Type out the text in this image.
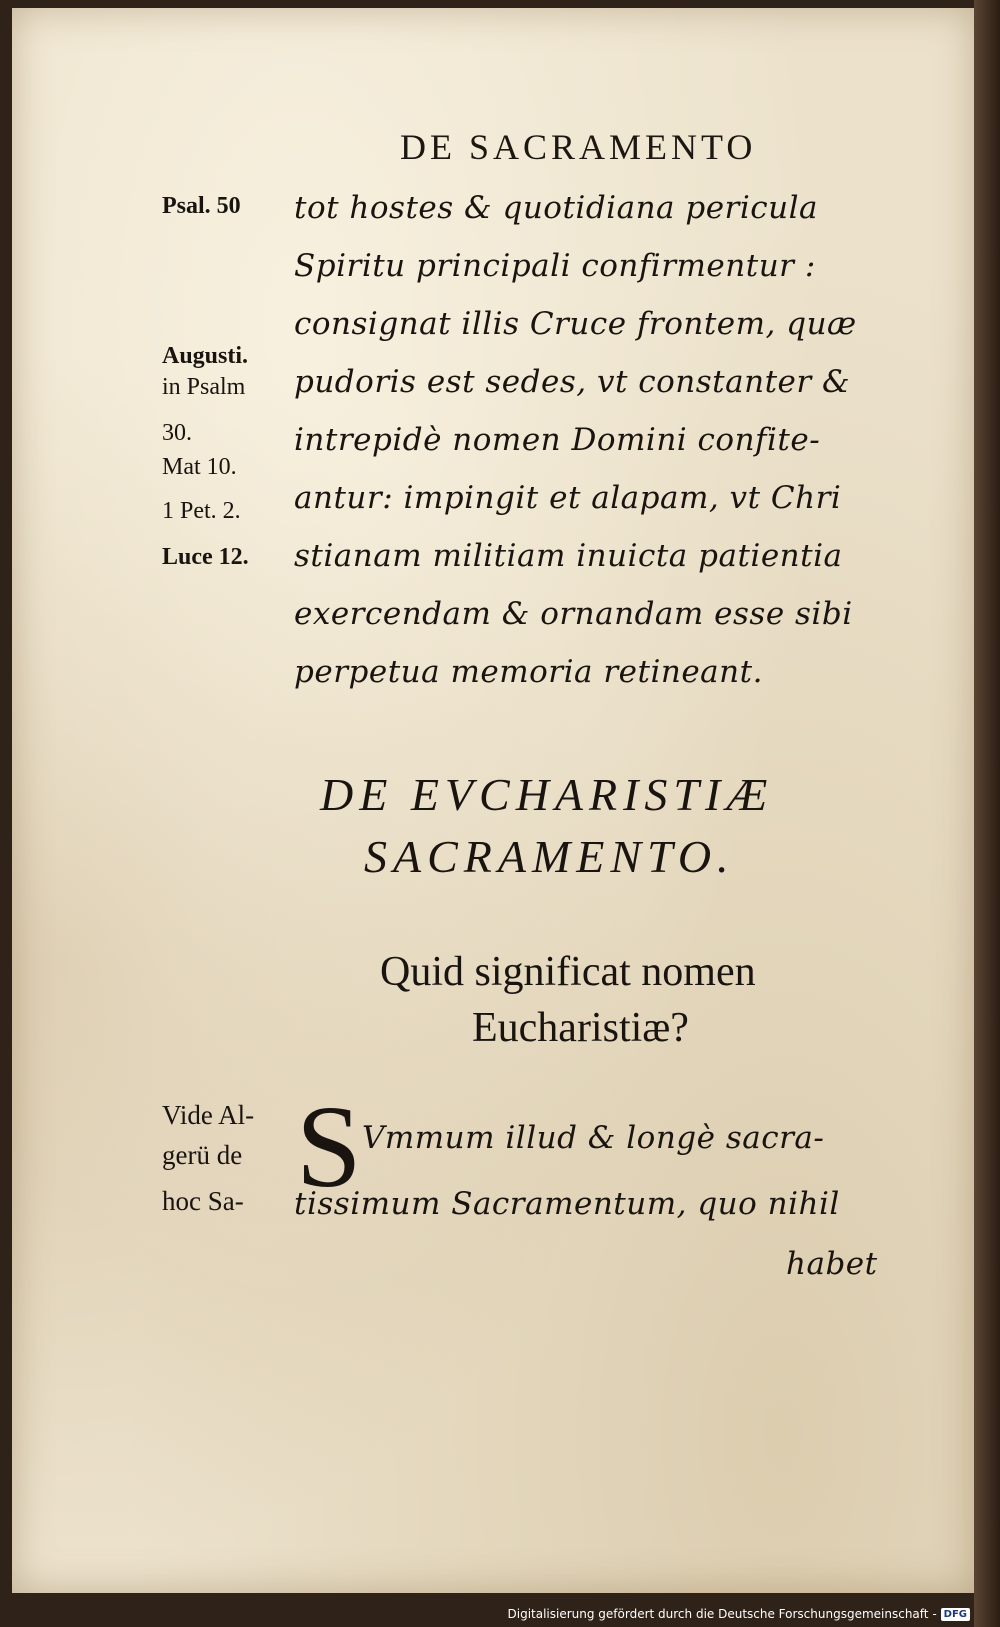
DE SACRAMENTO
Psal. 50
Augusti.
in Psalm
30.
Mat 10.
1 Pet. 2.
Luce 12.
tot hostes & quotidiana pericula
Spiritu principali confirmentur :
consignat illis Cruce frontem, quæ
pudoris est sedes, vt constanter &
intrepidè nomen Domini confite-
antur: impingit et alapam, vt Chri
stianam militiam inuicta patientia
exercendam & ornandam esse sibi
perpetua memoria retineant.
DE EVCHARISTIÆ
SACRAMENTO.
Quid significat nomen
Eucharistiæ?
Vide Al-
gerü de
hoc Sa- S Vmmum illud & longè sacra-
tissimum Sacramentum, quo nihil
habet
Digitalisierung gefördert durch die Deutsche Forschungsgemeinschaft - DFG
